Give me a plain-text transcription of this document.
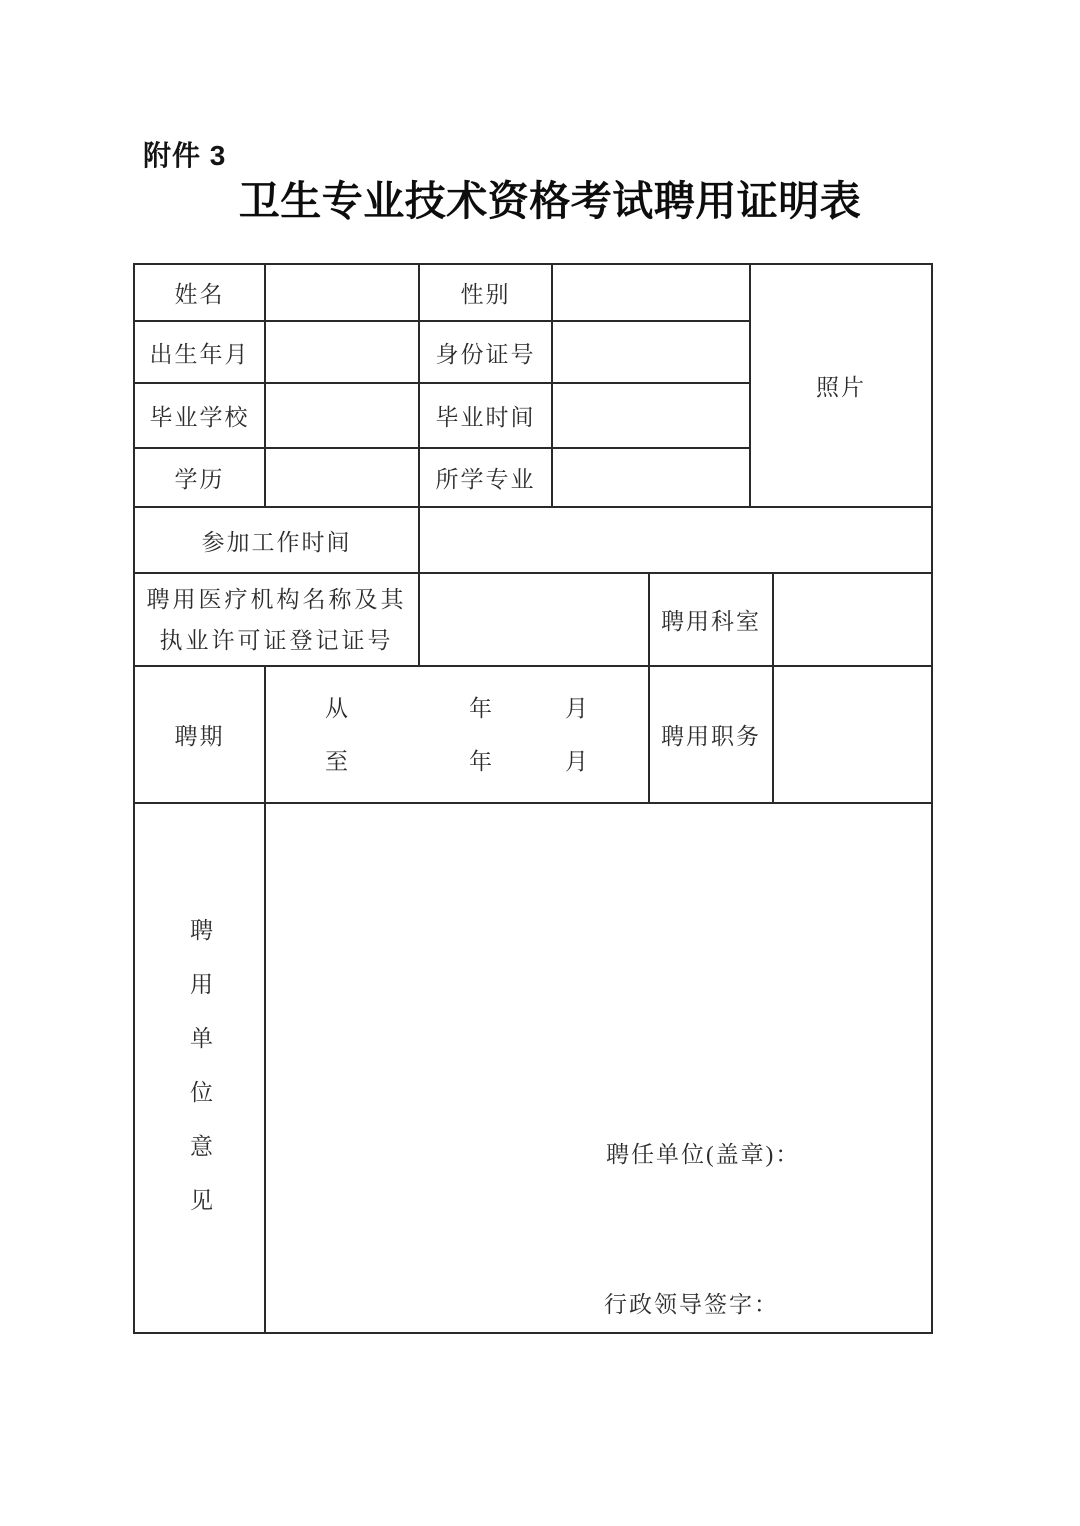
附件 3
卫生专业技术资格考试聘用证明表
姓名		性别			照片	
出生年月		身份证号				
毕业学校		毕业时间				
学历		所学专业				
参加工作时间						

聘用医疗机构名称及其
执业许可证登记证号				聘用科室		
聘期	从　　　　　年　　　月
至　　　　　年　　　月			聘用职务		
聘用单位意见	聘任单位(盖章)：
行政领导签字：					
